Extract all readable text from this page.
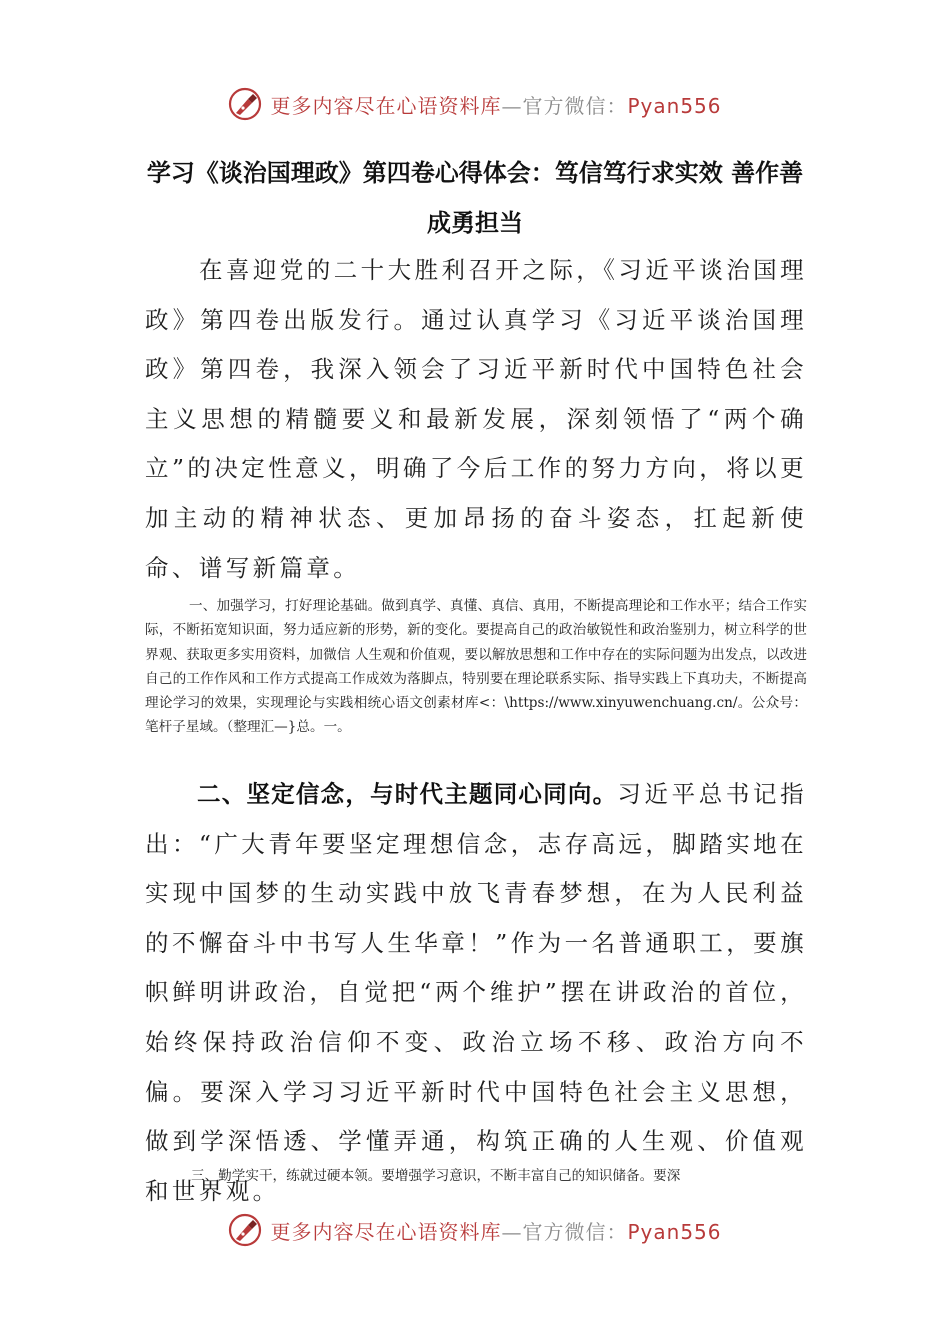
更多内容尽在心语资料库—官方微信：Pyan556
学习《谈治国理政》第四卷心得体会：笃信笃行求实效 善作善成勇担当

在喜迎党的二十大胜利召开之际，《习近平谈治国理政》第四卷出版发行。通过认真学习《习近平谈治国理政》第四卷，我深入领会了习近平新时代中国特色社会主义思想的精髓要义和最新发展，深刻领悟了“两个确立”的决定性意义，明确了今后工作的努力方向，将以更加主动的精神状态、更加昂扬的奋斗姿态，扛起新使命、谱写新篇章。

一、加强学习，打好理论基础。做到真学、真懂、真信、真用，不断提高理论和工作水平；结合工作实际，不断拓宽知识面，努力适应新的形势，新的变化。要提高自己的政治敏锐性和政治鉴别力，树立科学的世界观、获取更多实用资料，加微信 人生观和价值观，要以解放思想和工作中存在的实际问题为出发点，以改进自己的工作作风和工作方式提高工作成效为落脚点，特别要在理论联系实际、指导实践上下真功夫，不断提高理论学习的效果，实现理论与实践相统心语文创素材库<：\https://www.xinyuwenchuang.cn/。公众号：笔杆子星域。（整理汇—}总。一。

二、坚定信念，与时代主题同心同向。习近平总书记指出：“广大青年要坚定理想信念，志存高远，脚踏实地在实现中国梦的生动实践中放飞青春梦想，在为人民利益的不懈奋斗中书写人生华章！”作为一名普通职工，要旗帜鲜明讲政治，自觉把“两个维护”摆在讲政治的首位，始终保持政治信仰不变、政治立场不移、政治方向不偏。要深入学习习近平新时代中国特色社会主义思想，做到学深悟透、学懂弄通，构筑正确的人生观、价值观和世界观。

三、勤学实干，练就过硬本领。要增强学习意识，不断丰富自己的知识储备。要深

更多内容尽在心语资料库—官方微信：Pyan556
